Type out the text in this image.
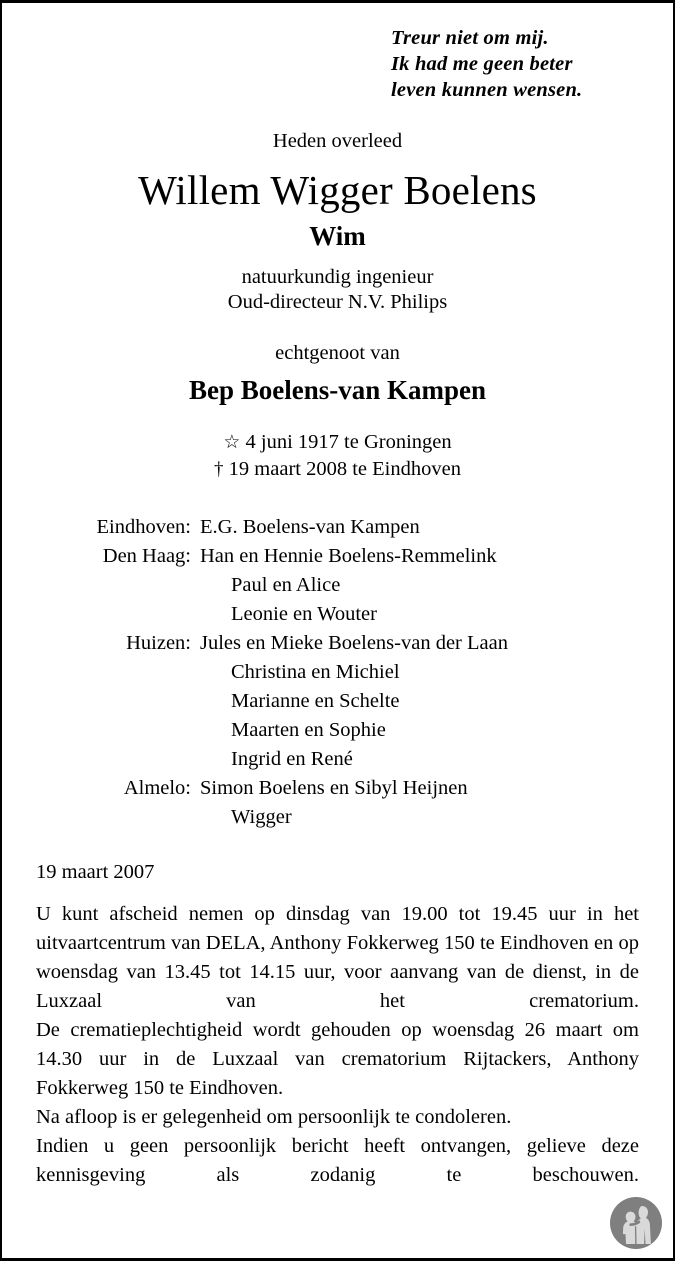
Treur niet om mij.
Ik had me geen beter
leven kunnen wensen.
Heden overleed
Willem Wigger Boelens
Wim
natuurkundig ingenieur
Oud-directeur N.V. Philips
echtgenoot van
Bep Boelens-van Kampen
☆ 4 juni 1917 te Groningen
† 19 maart 2008 te Eindhoven
Eindhoven: E.G. Boelens-van Kampen
Den Haag: Han en Hennie Boelens-Remmelink
Paul en Alice
Leonie en Wouter
Huizen: Jules en Mieke Boelens-van der Laan
Christina en Michiel
Marianne en Schelte
Maarten en Sophie
Ingrid en René
Almelo: Simon Boelens en Sibyl Heijnen
Wigger
19 maart 2007

U kunt afscheid nemen op dinsdag van 19.00 tot 19.45 uur in het uitvaartcentrum van DELA, Anthony Fokkerweg 150 te Eindhoven en op woensdag van 13.45 tot 14.15 uur, voor aanvang van de dienst, in de Luxzaal van het crematorium.

De crematieplechtigheid wordt gehouden op woensdag 26 maart om 14.30 uur in de Luxzaal van crematorium Rijtackers, Anthony Fokkerweg 150 te Eindhoven.

Na afloop is er gelegenheid om persoonlijk te condoleren.

Indien u geen persoonlijk bericht heeft ontvangen, gelieve deze kennisgeving als zodanig te beschouwen.
